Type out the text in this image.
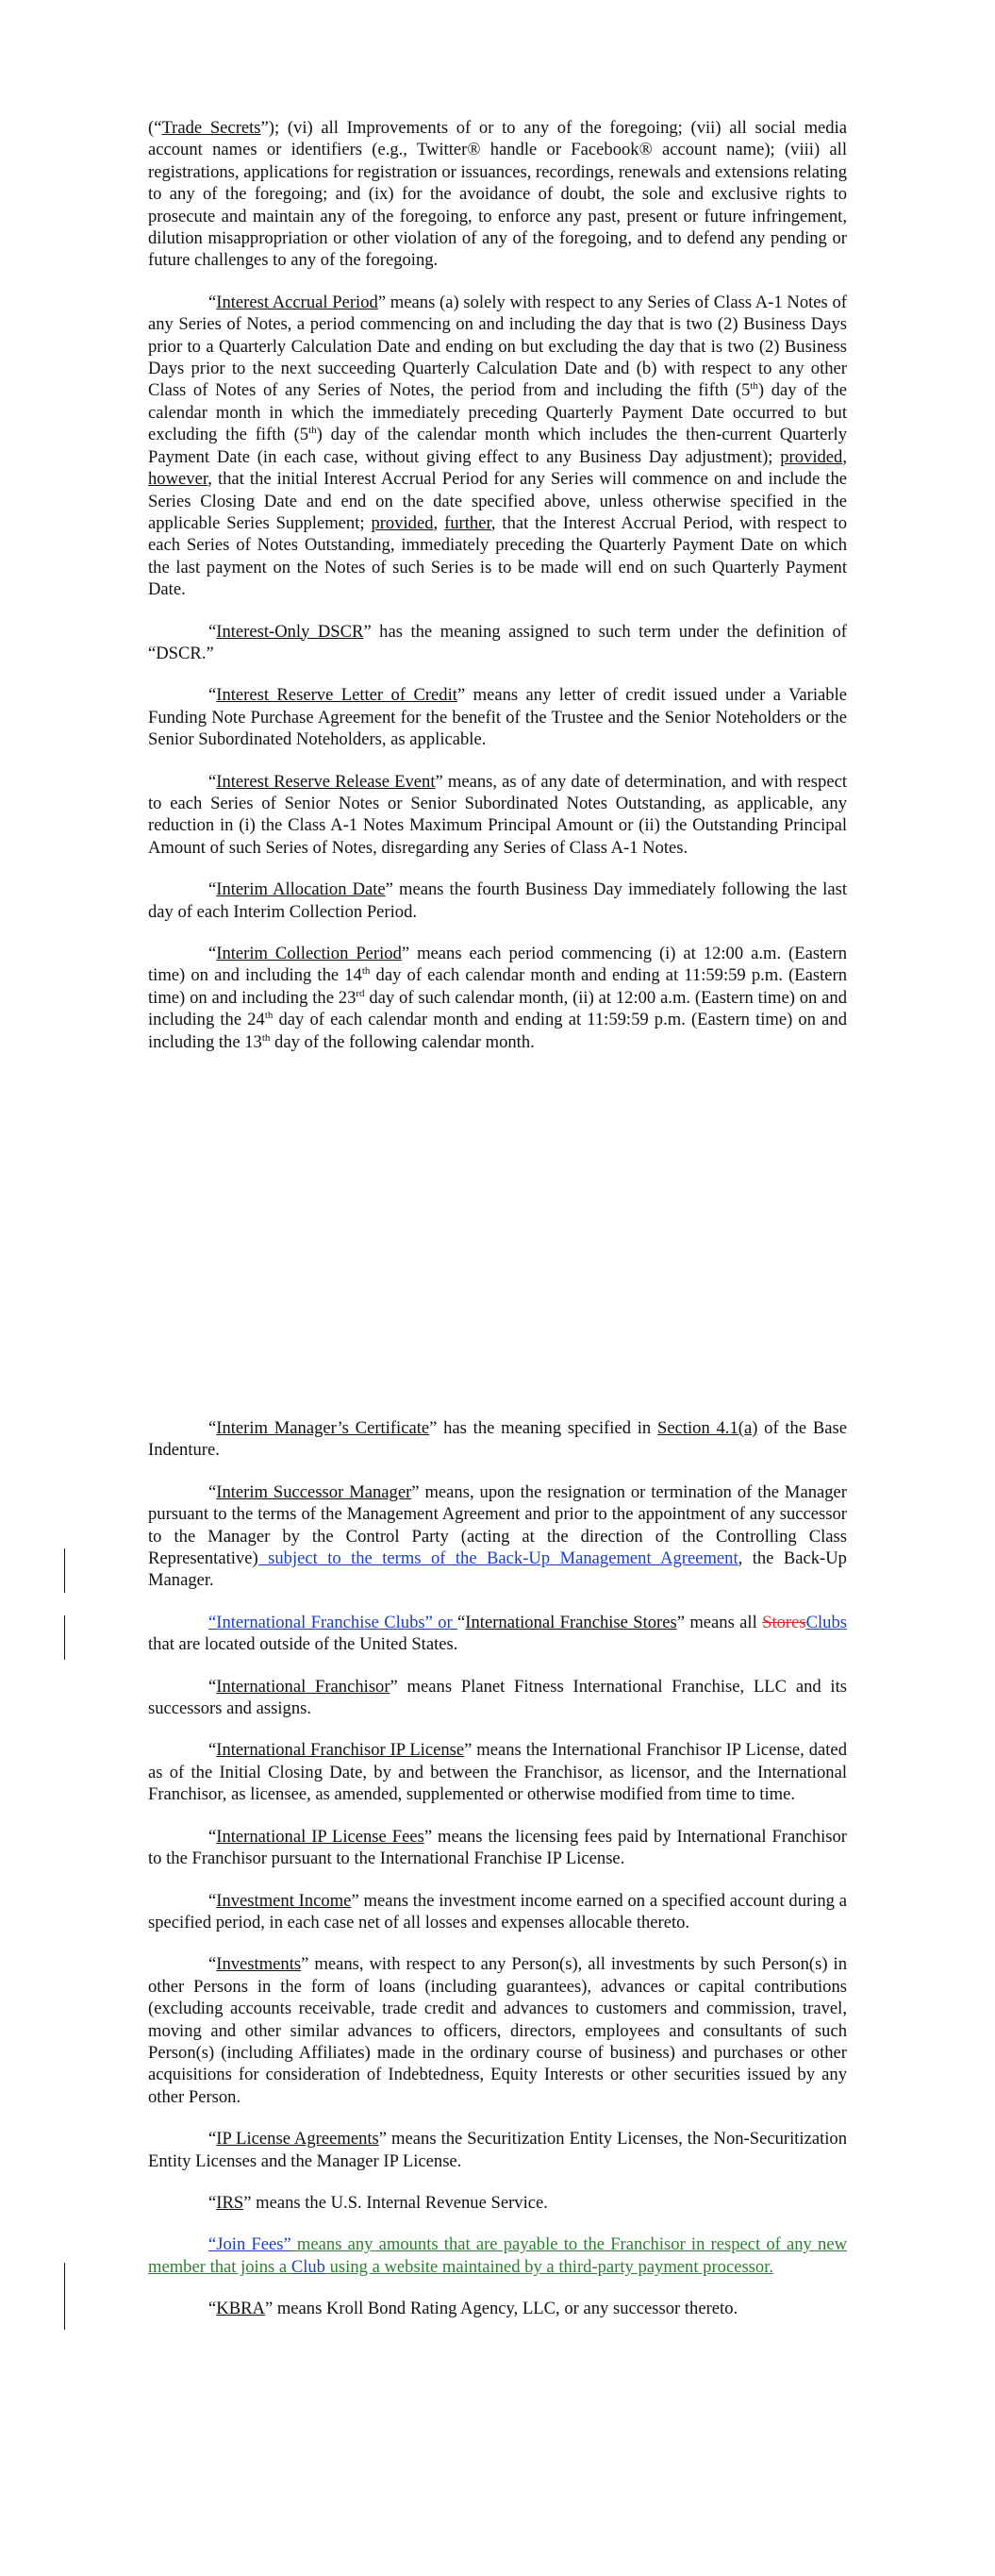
(“Trade Secrets”); (vi) all Improvements of or to any of the foregoing; (vii) all social media account names or identifiers (e.g., Twitter® handle or Facebook® account name); (viii) all registrations, applications for registration or issuances, recordings, renewals and extensions relating to any of the foregoing; and (ix) for the avoidance of doubt, the sole and exclusive rights to prosecute and maintain any of the foregoing, to enforce any past, present or future infringement, dilution misappropriation or other violation of any of the foregoing, and to defend any pending or future challenges to any of the foregoing.

“Interest Accrual Period” means (a) solely with respect to any Series of Class A-1 Notes of any Series of Notes, a period commencing on and including the day that is two (2) Business Days prior to a Quarterly Calculation Date and ending on but excluding the day that is two (2) Business Days prior to the next succeeding Quarterly Calculation Date and (b) with respect to any other Class of Notes of any Series of Notes, the period from and including the fifth (5th) day of the calendar month in which the immediately preceding Quarterly Payment Date occurred to but excluding the fifth (5th) day of the calendar month which includes the then-current Quarterly Payment Date (in each case, without giving effect to any Business Day adjustment); provided, however, that the initial Interest Accrual Period for any Series will commence on and include the Series Closing Date and end on the date specified above, unless otherwise specified in the applicable Series Supplement; provided, further, that the Interest Accrual Period, with respect to each Series of Notes Outstanding, immediately preceding the Quarterly Payment Date on which the last payment on the Notes of such Series is to be made will end on such Quarterly Payment Date.

“Interest-Only DSCR” has the meaning assigned to such term under the definition of “DSCR.”

“Interest Reserve Letter of Credit” means any letter of credit issued under a Variable Funding Note Purchase Agreement for the benefit of the Trustee and the Senior Noteholders or the Senior Subordinated Noteholders, as applicable.

“Interest Reserve Release Event” means, as of any date of determination, and with respect to each Series of Senior Notes or Senior Subordinated Notes Outstanding, as applicable, any reduction in (i) the Class A-1 Notes Maximum Principal Amount or (ii) the Outstanding Principal Amount of such Series of Notes, disregarding any Series of Class A-1 Notes.

“Interim Allocation Date” means the fourth Business Day immediately following the last day of each Interim Collection Period.

“Interim Collection Period” means each period commencing (i) at 12:00 a.m. (Eastern time) on and including the 14th day of each calendar month and ending at 11:59:59 p.m. (Eastern time) on and including the 23rd day of such calendar month, (ii) at 12:00 a.m. (Eastern time) on and including the 24th day of each calendar month and ending at 11:59:59 p.m. (Eastern time) on and including the 13th day of the following calendar month.

“Interim Manager’s Certificate” has the meaning specified in Section 4.1(a) of the Base Indenture.

“Interim Successor Manager” means, upon the resignation or termination of the Manager pursuant to the terms of the Management Agreement and prior to the appointment of any successor to the Manager by the Control Party (acting at the direction of the Controlling Class Representative) subject to the terms of the Back-Up Management Agreement, the Back-Up Manager.

“International Franchise Clubs” or “International Franchise Stores” means all StoresClubs that are located outside of the United States.

“International Franchisor” means Planet Fitness International Franchise, LLC and its successors and assigns.

“International Franchisor IP License” means the International Franchisor IP License, dated as of the Initial Closing Date, by and between the Franchisor, as licensor, and the International Franchisor, as licensee, as amended, supplemented or otherwise modified from time to time.

“International IP License Fees” means the licensing fees paid by International Franchisor to the Franchisor pursuant to the International Franchise IP License.

“Investment Income” means the investment income earned on a specified account during a specified period, in each case net of all losses and expenses allocable thereto.

“Investments” means, with respect to any Person(s), all investments by such Person(s) in other Persons in the form of loans (including guarantees), advances or capital contributions (excluding accounts receivable, trade credit and advances to customers and commission, travel, moving and other similar advances to officers, directors, employees and consultants of such Person(s) (including Affiliates) made in the ordinary course of business) and purchases or other acquisitions for consideration of Indebtedness, Equity Interests or other securities issued by any other Person.

“IP License Agreements” means the Securitization Entity Licenses, the Non-Securitization Entity Licenses and the Manager IP License.

“IRS” means the U.S. Internal Revenue Service.

“Join Fees” means any amounts that are payable to the Franchisor in respect of any new member that joins a Club using a website maintained by a third-party payment processor.

“KBRA” means Kroll Bond Rating Agency, LLC, or any successor thereto.
